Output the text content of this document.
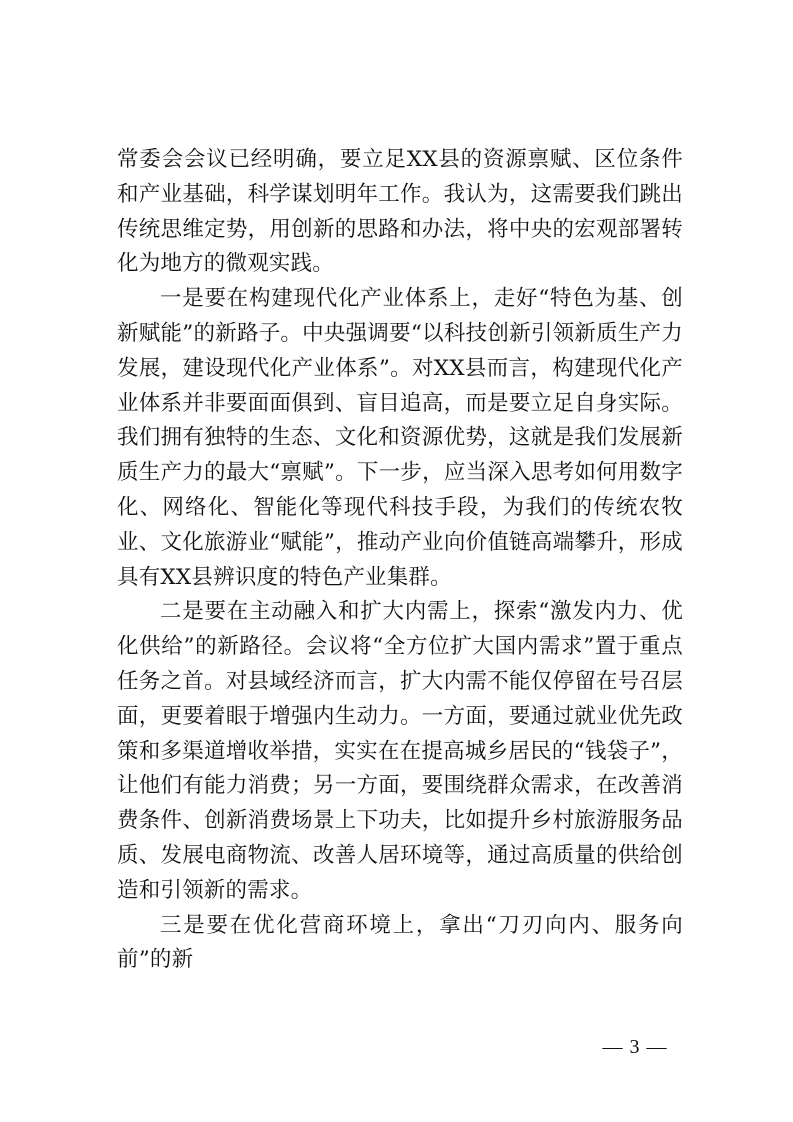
常委会会议已经明确，要立足XX县的资源禀赋、区位条件和产业基础，科学谋划明年工作。我认为，这需要我们跳出传统思维定势，用创新的思路和办法，将中央的宏观部署转化为地方的微观实践。

一是要在构建现代化产业体系上，走好“特色为基、创新赋能”的新路子。中央强调要“以科技创新引领新质生产力发展，建设现代化产业体系”。对XX县而言，构建现代化产业体系并非要面面俱到、盲目追高，而是要立足自身实际。我们拥有独特的生态、文化和资源优势，这就是我们发展新质生产力的最大“禀赋”。下一步，应当深入思考如何用数字化、网络化、智能化等现代科技手段，为我们的传统农牧业、文化旅游业“赋能”，推动产业向价值链高端攀升，形成具有XX县辨识度的特色产业集群。

二是要在主动融入和扩大内需上，探索“激发内力、优化供给”的新路径。会议将“全方位扩大国内需求”置于重点任务之首。对县域经济而言，扩大内需不能仅停留在号召层面，更要着眼于增强内生动力。一方面，要通过就业优先政策和多渠道增收举措，实实在在提高城乡居民的“钱袋子”，让他们有能力消费；另一方面，要围绕群众需求，在改善消费条件、创新消费场景上下功夫，比如提升乡村旅游服务品质、发展电商物流、改善人居环境等，通过高质量的供给创造和引领新的需求。

三是要在优化营商环境上，拿出“刀刃向内、服务向前”的新

— 3 —
